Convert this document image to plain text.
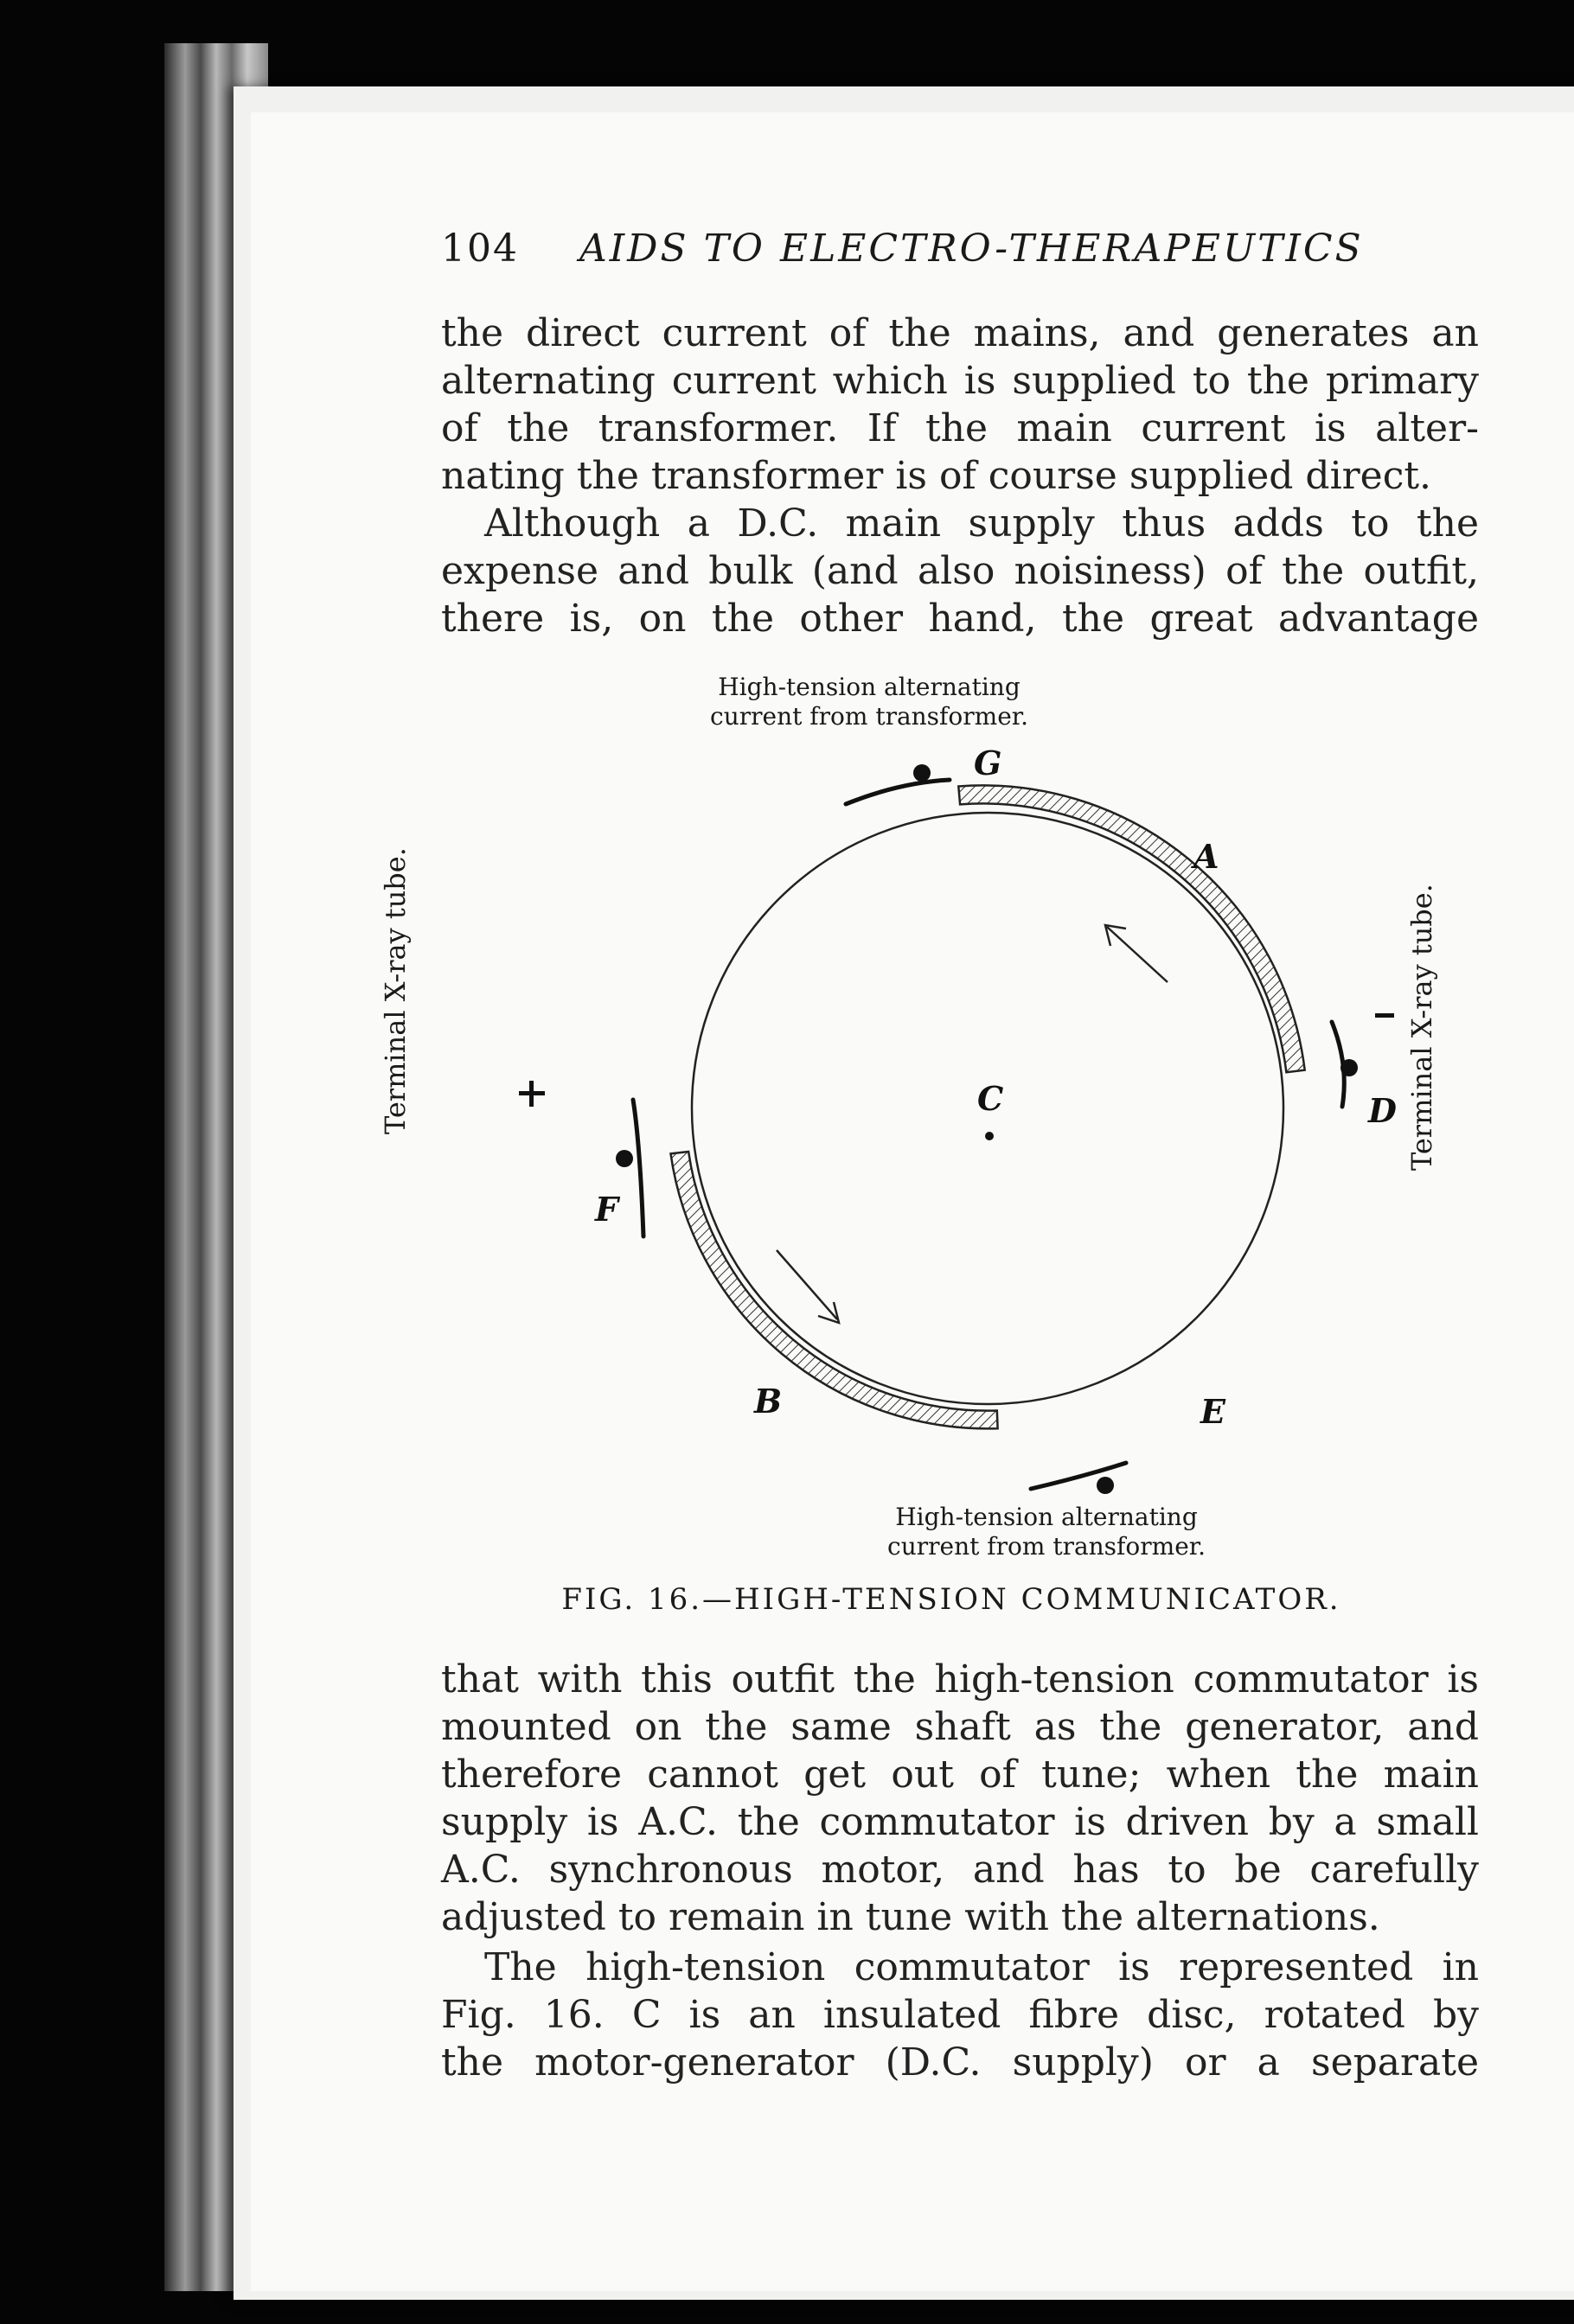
104 AIDS TO ELECTRO-THERAPEUTICS
the direct current of the mains, and generates an
alternating current which is supplied to the primary
of the transformer. If the main current is alter-
nating the transformer is of course supplied direct.
Although a D.C. main supply thus adds to the
expense and bulk (and also noisiness) of the outfit,
there is, on the other hand, the great advantage
High-tension alternating
current from transformer.
G
A
D
C
F
B	E
Terminal X-ray tube.	Terminal X-ray tube.
High-tension alternating
current from transformer.
FIG. 16.—HIGH-TENSION COMMUNICATOR.
that with this outfit the high-tension commutator is
mounted on the same shaft as the generator, and
therefore cannot get out of tune; when the main
supply is A.C. the commutator is driven by a small
A.C. synchronous motor, and has to be carefully
adjusted to remain in tune with the alternations.
The high-tension commutator is represented in
Fig. 16. C is an insulated fibre disc, rotated by
the motor-generator (D.C. supply) or a separate
